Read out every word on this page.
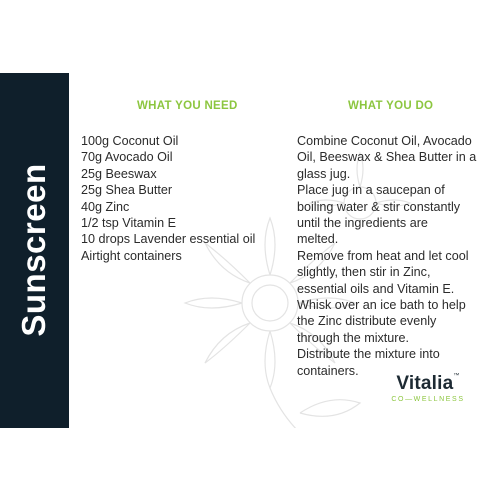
Sunscreen
WHAT YOU NEED	WHAT YOU DO
100g Coconut Oil
70g Avocado Oil
25g Beeswax
25g Shea Butter
40g Zinc
1/2 tsp Vitamin E
10 drops Lavender essential oil
Airtight containers
Combine Coconut Oil, Avocado
Oil, Beeswax & Shea Butter in a
glass jug.
Place jug in a saucepan of
boiling water & stir constantly
until the ingredients are
melted.
Remove from heat and let cool
slightly, then stir in Zinc,
essential oils and Vitamin E.
Whisk over an ice bath to help
the Zinc distribute evenly
through the mixture.
Distribute the mixture into
containers.
Vitalia™
CO—WELLNESS
